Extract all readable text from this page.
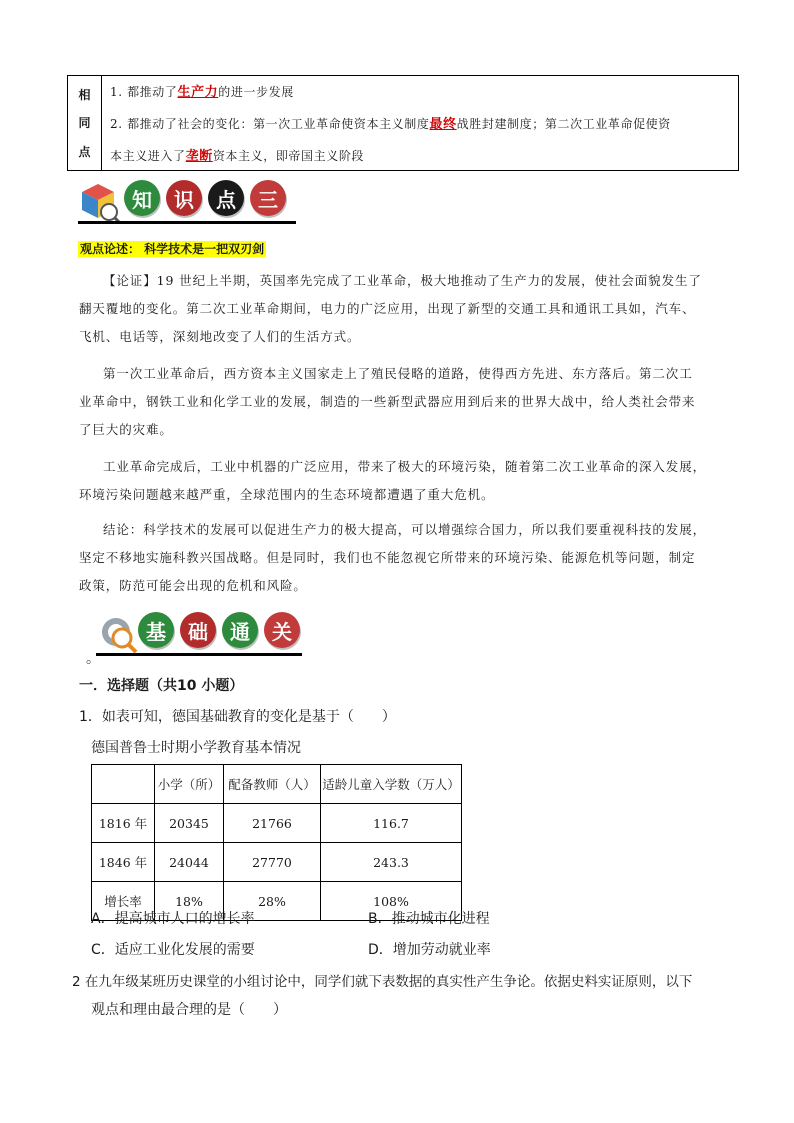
相
同
点
1. 都推动了生产力的进一步发展
2. 都推动了社会的变化：第一次工业革命使资本主义制度最终战胜封建制度；第二次工业革命促使资
本主义进入了垄断资本主义，即帝国主义阶段
知	识	点	三
观点论述： 科学技术是一把双刃剑
【论证】19 世纪上半期，英国率先完成了工业革命，极大地推动了生产力的发展，使社会面貌发生了
翻天覆地的变化。第二次工业革命期间，电力的广泛应用，出现了新型的交通工具和通讯工具如，汽车、
飞机、电话等，深刻地改变了人们的生活方式。
第一次工业革命后，西方资本主义国家走上了殖民侵略的道路，使得西方先进、东方落后。第二次工
业革命中，钢铁工业和化学工业的发展，制造的一些新型武器应用到后来的世界大战中，给人类社会带来
了巨大的灾难。
工业革命完成后，工业中机器的广泛应用，带来了极大的环境污染，随着第二次工业革命的深入发展，
环境污染问题越来越严重，全球范围内的生态环境都遭遇了重大危机。
结论：科学技术的发展可以促进生产力的极大提高，可以增强综合国力，所以我们要重视科技的发展，
坚定不移地实施科教兴国战略。但是同时，我们也不能忽视它所带来的环境污染、能源危机等问题，制定
政策，防范可能会出现的危机和风险。
基	础	通	关
。
一．选择题（共10 小题）
1．如表可知，德国基础教育的变化是基于（　　）
德国普鲁士时期小学教育基本情况
	小学（所）	配备教师（人）	适龄儿童入学数（万人）
1816 年	20345	21766	116.7
1846 年	24044	27770	243.3
增长率	18%	28%	108%
A．提高城市人口的增长率	B．推动城市化进程
C．适应工业化发展的需要	D．增加劳动就业率
2 在九年级某班历史课堂的小组讨论中，同学们就下表数据的真实性产生争论。依据史料实证原则，以下
观点和理由最合理的是（　　）
